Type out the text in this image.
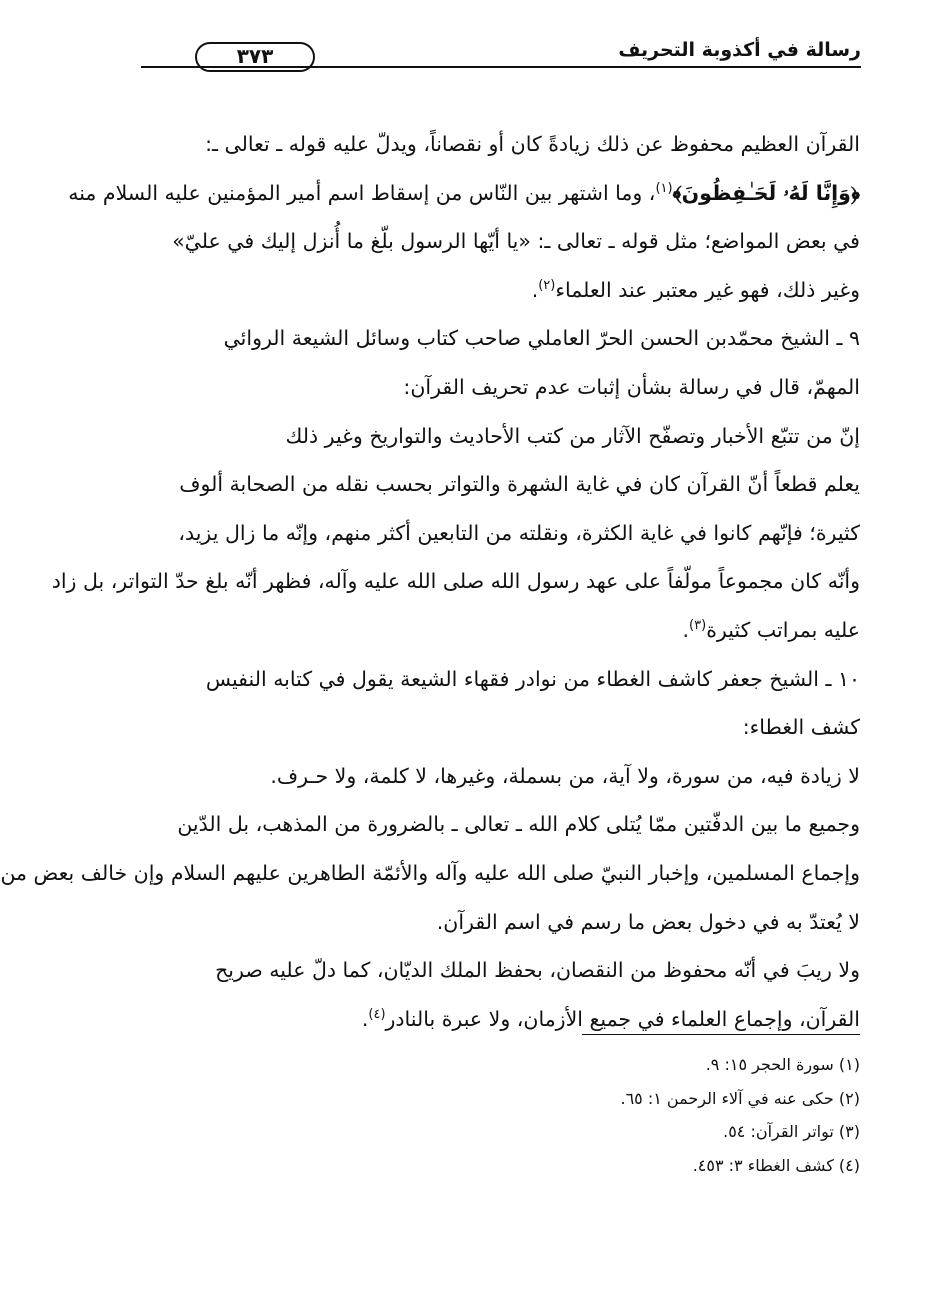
رسالة في أكذوبة التحريف
٣٧٣
القرآن العظيم محفوظ عن ذلك زيادةً كان أو نقصاناً، ويدلّ عليه قوله ـ تعالى ـ:
﴿وَإِنَّا لَهُۥ لَحَـٰفِظُونَ﴾$^{(١)}$، وما اشتهر بين النّاس من إسقاط اسم أمير المؤمنين عليه السلام منه
في بعض المواضع؛ مثل قوله ـ تعالى ـ: «يا أيّها الرسول بلّغ ما أُنزل إليك في عليّ»
وغير ذلك، فهو غير معتبر عند العلماء$^{(٢)}$.
٩ ـ الشيخ محمّدبن الحسن الحرّ العاملي صاحب كتاب وسائل الشيعة الروائي
المهمّ، قال في رسالة بشأن إثبات عدم تحريف القرآن:
إنّ من تتبّع الأخبار وتصفّح الآثار من كتب الأحاديث والتواريخ وغير ذلك
يعلم قطعاً أنّ القرآن كان في غاية الشهرة والتواتر بحسب نقله من الصحابة ألوف
كثيرة؛ فإنّهم كانوا في غاية الكثرة، ونقلته من التابعين أكثر منهم، وإنّه ما زال يزيد،
وأنّه كان مجموعاً مولّفاً على عهد رسول الله صلى الله عليه وآله، فظهر أنّه بلغ حدّ التواتر، بل زاد
عليه بمراتب كثيرة$^{(٣)}$.
١٠ ـ الشيخ جعفر كاشف الغطاء من نوادر فقهاء الشيعة يقول في كتابه النفيس
كشف الغطاء:
لا زيادة فيه، من سورة، ولا آية، من بسملة، وغيرها، لا كلمة، ولا حـرف.
وجميع ما بين الدفّتين ممّا يُتلى كلام الله ـ تعالى ـ بالضرورة من المذهب، بل الدّين
وإجماع المسلمين، وإخبار النبيّ صلى الله عليه وآله والأئمّة الطاهرين عليهم السلام وإن خالف بعض من
لا يُعتدّ به في دخول بعض ما رسم في اسم القرآن.
ولا ريبَ في أنّه محفوظ من النقصان، بحفظ الملك الديّان، كما دلّ عليه صريح
القرآن، وإجماع العلماء في جميع الأزمان، ولا عبرة بالنادر$^{(٤)}$.
(١) سورة الحجر ١٥: ٩.
(٢) حكى عنه في آلاء الرحمن ١: ٦٥.
(٣) تواتر القرآن: ٥٤.
(٤) كشف الغطاء ٣: ٤٥٣.
